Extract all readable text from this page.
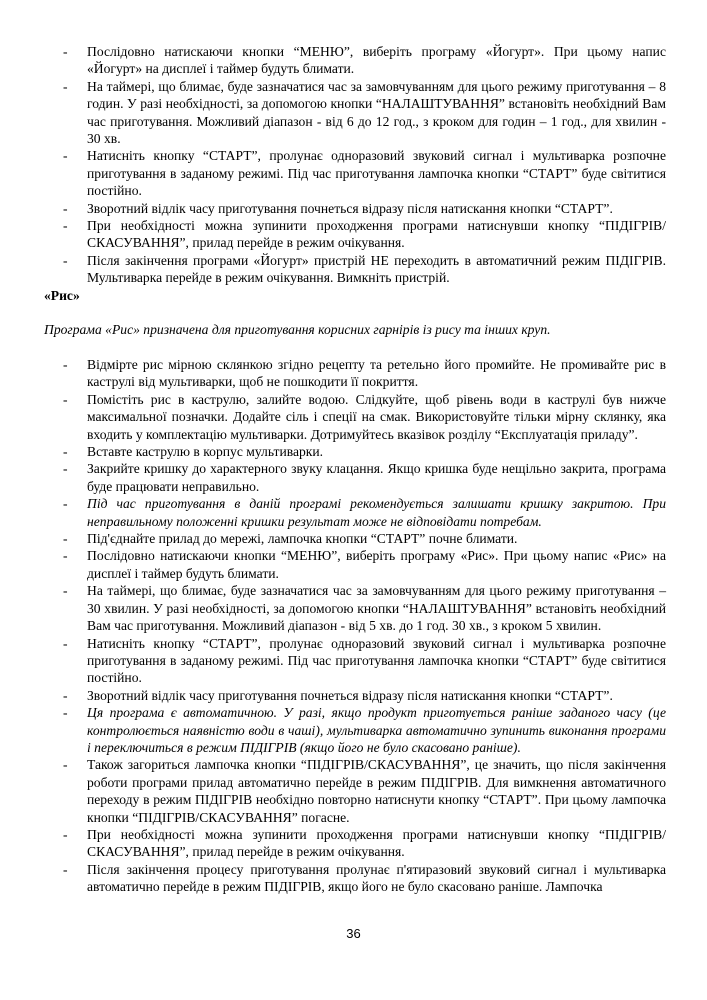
- Послідовно натискаючи кнопки “МЕНЮ”, виберіть програму «Йогурт». При цьому напис «Йогурт» на дисплеї і таймер будуть блимати.
- На таймері, що блимає, буде зазначатися час за замовчуванням для цього режиму приготування – 8 годин. У разі необхідності, за допомогою кнопки “НАЛАШТУВАННЯ” встановіть необхідний Вам час приготування. Можливий діапазон - від 6 до 12 год., з кроком для годин – 1 год., для хвилин - 30 хв.
- Натисніть кнопку “СТАРТ”, пролунає одноразовий звуковий сигнал і мультиварка розпочне приготування в заданому режимі. Під час приготування лампочка кнопки “СТАРТ” буде світитися постійно.
- Зворотний відлік часу приготування почнеться відразу після натискання кнопки “СТАРТ”.
- При необхідності можна зупинити проходження програми натиснувши кнопку “ПІДІГРІВ/СКАСУВАННЯ”, прилад перейде в режим очікування.
- Після закінчення програми «Йогурт» пристрій НЕ переходить в автоматичний режим ПІДІГРІВ. Мультиварка перейде в режим очікування. Вимкніть пристрій.
«Рис»
Програма «Рис» призначена для приготування корисних гарнірів із рису та інших круп.
- Відмірте рис мірною склянкою згідно рецепту та ретельно його промийте. Не промивайте рис в каструлі від мультиварки, щоб не пошкодити її покриття.
- Помістіть рис в каструлю, залийте водою. Слідкуйте, щоб рівень води в каструлі був нижче максимальної позначки. Додайте сіль і спеції на смак. Використовуйте тільки мірну склянку, яка входить у комплектацію мультиварки. Дотримуйтесь вказівок розділу “Експлуатація приладу”.
- Вставте каструлю в корпус мультиварки.
- Закрийте кришку до характерного звуку клацання. Якщо кришка буде нещільно закрита, програма буде працювати неправильно.
- Під час приготування в даній програмі рекомендується залишати кришку закритою. При неправильному положенні кришки результат може не відповідати потребам.
- Під'єднайте прилад до мережі, лампочка кнопки “СТАРТ” почне блимати.
- Послідовно натискаючи кнопки “МЕНЮ”, виберіть програму «Рис». При цьому напис «Рис» на дисплеї і таймер будуть блимати.
- На таймері, що блимає, буде зазначатися час за замовчуванням для цього режиму приготування – 30 хвилин. У разі необхідності, за допомогою кнопки “НАЛАШТУВАННЯ” встановіть необхідний Вам час приготування. Можливий діапазон - від 5 хв. до 1 год. 30 хв., з кроком 5 хвилин.
- Натисніть кнопку “СТАРТ”, пролунає одноразовий звуковий сигнал і мультиварка розпочне приготування в заданому режимі. Під час приготування лампочка кнопки “СТАРТ” буде світитися постійно.
- Зворотний відлік часу приготування почнеться відразу після натискання кнопки “СТАРТ”.
- Ця програма є автоматичною. У разі, якщо продукт приготується раніше заданого часу (це контролюється наявністю води в чаші), мультиварка автоматично зупинить виконання програми і переключиться в режим ПІДІГРІВ (якщо його не було скасовано раніше).
- Також загориться лампочка кнопки “ПІДІГРІВ/СКАСУВАННЯ”, це значить, що після закінчення роботи програми прилад автоматично перейде в режим ПІДІГРІВ. Для вимкнення автоматичного переходу в режим ПІДІГРІВ необхідно повторно натиснути кнопку “СТАРТ”. При цьому лампочка кнопки “ПІДІГРІВ/СКАСУВАННЯ” погасне.
- При необхідності можна зупинити проходження програми натиснувши кнопку “ПІДІГРІВ/СКАСУВАННЯ”, прилад перейде в режим очікування.
- Після закінчення процесу приготування пролунає п'ятиразовий звуковий сигнал і мультиварка автоматично перейде в режим ПІДІГРІВ, якщо його не було скасовано раніше. Лампочка
36
